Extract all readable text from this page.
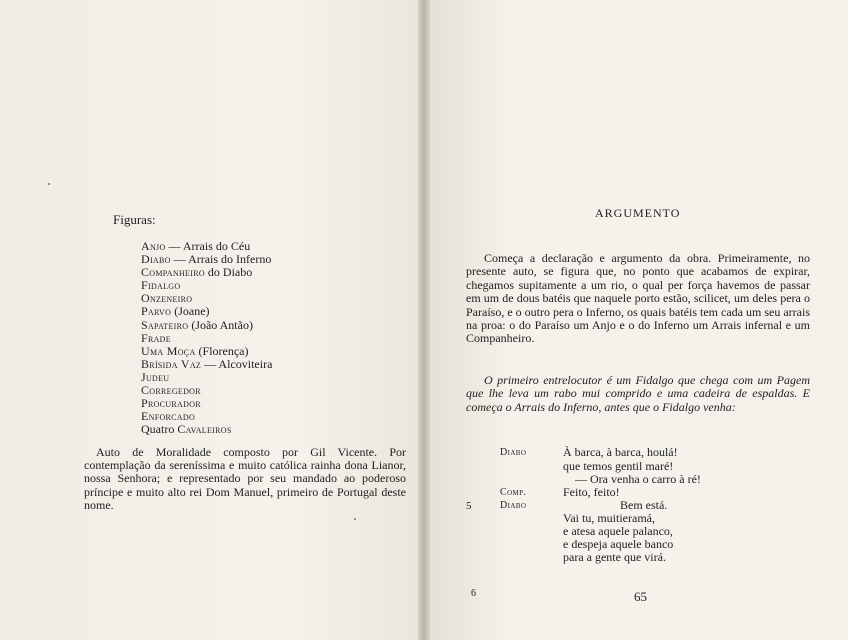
Figuras:
Anjo — Arrais do Céu
Diabo — Arrais do Inferno
Companheiro do Diabo
Fidalgo
Onzeneiro
Parvo (Joane)
Sapateiro (João Antão)
Frade
Uma Moça (Florença)
Brísida Vaz — Alcoviteira
Judeu
Corregedor
Procurador
Enforcado
Quatro Cavaleiros

Auto de Moralidade composto por Gil Vicente. Por contemplação da sereníssima e muito católica rainha dona Lianor, nossa Senhora; e representado por seu mandado ao poderoso príncipe e muito alto rei Dom Manuel, primeiro de Portugal deste nome.

ARGUMENTO

Começa a declaração e argumento da obra. Primeiramente, no presente auto, se figura que, no ponto que acabamos de expirar, chegamos supitamente a um rio, o qual per força havemos de passar em um de dous batéis que naquele porto estão, scilicet, um deles pera o Paraíso, e o outro pera o Inferno, os quais batéis tem cada um seu arrais na proa: o do Paraíso um Anjo e o do Inferno um Arrais infernal e um Companheiro.

O primeiro entrelocutor é um Fidalgo que chega com um Pagem que lhe leva um rabo mui comprido e uma cadeira de espaldas. E começa o Arrais do Inferno, antes que o Fidalgo venha:

Diabo
Comp.
Diabo
À barca, à barca, houlá!
que temos gentil maré!
— Ora venha o carro à ré!
Feito, feito!
Bem está.
Vai tu, muitieramá,
e atesa aquele palanco,
e despeja aquele banco
para a gente que virá.
5
6	65
